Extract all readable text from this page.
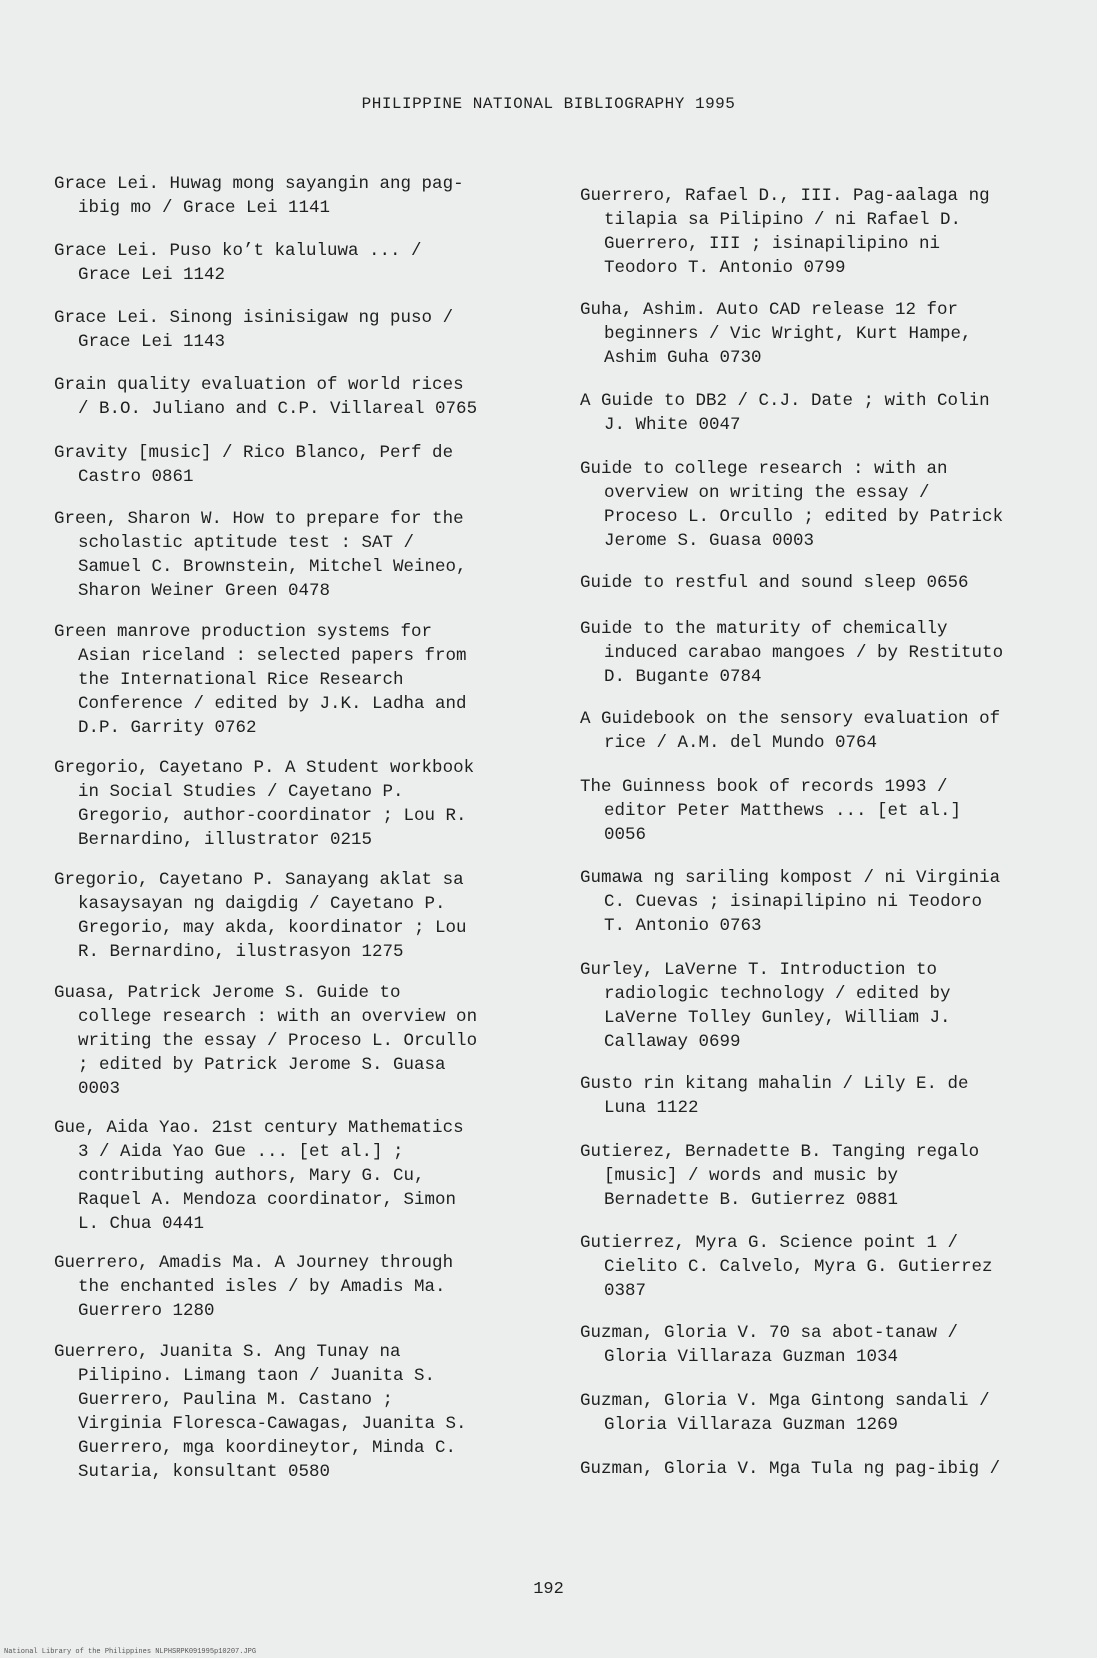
PHILIPPINE NATIONAL BIBLIOGRAPHY 1995

Grace Lei. Huwag mong sayangin ang pag-
ibig mo / Grace Lei 1141

Grace Lei. Puso ko’t kaluluwa ... /
Grace Lei 1142

Grace Lei. Sinong isinisigaw ng puso /
Grace Lei 1143

Grain quality evaluation of world rices
/ B.O. Juliano and C.P. Villareal 0765

Gravity [music] / Rico Blanco, Perf de
Castro 0861

Green, Sharon W. How to prepare for the
scholastic aptitude test : SAT /
Samuel C. Brownstein, Mitchel Weineo,
Sharon Weiner Green 0478

Green manrove production systems for
Asian riceland : selected papers from
the International Rice Research
Conference / edited by J.K. Ladha and
D.P. Garrity 0762

Gregorio, Cayetano P. A Student workbook
in Social Studies / Cayetano P.
Gregorio, author-coordinator ; Lou R.
Bernardino, illustrator 0215

Gregorio, Cayetano P. Sanayang aklat sa
kasaysayan ng daigdig / Cayetano P.
Gregorio, may akda, koordinator ; Lou
R. Bernardino, ilustrasyon 1275

Guasa, Patrick Jerome S. Guide to
college research : with an overview on
writing the essay / Proceso L. Orcullo
; edited by Patrick Jerome S. Guasa
0003

Gue, Aida Yao. 21st century Mathematics
3 / Aida Yao Gue ... [et al.] ;
contributing authors, Mary G. Cu,
Raquel A. Mendoza coordinator, Simon
L. Chua 0441

Guerrero, Amadis Ma. A Journey through
the enchanted isles / by Amadis Ma.
Guerrero 1280

Guerrero, Juanita S. Ang Tunay na
Pilipino. Limang taon / Juanita S.
Guerrero, Paulina M. Castano ;
Virginia Floresca-Cawagas, Juanita S.
Guerrero, mga koordineytor, Minda C.
Sutaria, konsultant 0580

Guerrero, Rafael D., III. Pag-aalaga ng
tilapia sa Pilipino / ni Rafael D.
Guerrero, III ; isinapilipino ni
Teodoro T. Antonio 0799

Guha, Ashim. Auto CAD release 12 for
beginners / Vic Wright, Kurt Hampe,
Ashim Guha 0730

A Guide to DB2 / C.J. Date ; with Colin
J. White 0047

Guide to college research : with an
overview on writing the essay /
Proceso L. Orcullo ; edited by Patrick
Jerome S. Guasa 0003

Guide to restful and sound sleep 0656

Guide to the maturity of chemically
induced carabao mangoes / by Restituto
D. Bugante 0784

A Guidebook on the sensory evaluation of
rice / A.M. del Mundo 0764

The Guinness book of records 1993 /
editor Peter Matthews ... [et al.]
0056

Gumawa ng sariling kompost / ni Virginia
C. Cuevas ; isinapilipino ni Teodoro
T. Antonio 0763

Gurley, LaVerne T. Introduction to
radiologic technology / edited by
LaVerne Tolley Gunley, William J.
Callaway 0699

Gusto rin kitang mahalin / Lily E. de
Luna 1122

Gutierez, Bernadette B. Tanging regalo
[music] / words and music by
Bernadette B. Gutierrez 0881

Gutierrez, Myra G. Science point 1 /
Cielito C. Calvelo, Myra G. Gutierrez
0387

Guzman, Gloria V. 70 sa abot-tanaw /
Gloria Villaraza Guzman 1034

Guzman, Gloria V. Mga Gintong sandali /
Gloria Villaraza Guzman 1269

Guzman, Gloria V. Mga Tula ng pag-ibig /

192
National Library of the Philippines NLPHSRPK091995p10207.JPG
